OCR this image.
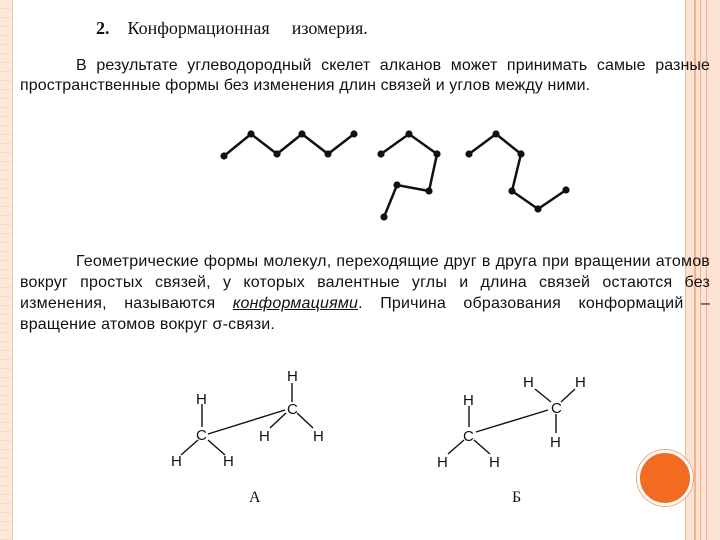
2. Конформационная изомерия.
В результате углеводородный скелет алканов может принимать самые разные пространственные формы без изменения длин связей и углов между ними.
Геометрические формы молекул, переходящие друг в друга при вращении атомов вокруг простых связей, у которых валентные углы и длина связей остаются без изменения, называются конформациями. Причина образования конформаций – вращение атомов вокруг σ-связи.
C
C
H
H	H
H
H	H
А
C
C
H
H	H
H	H
H
Б
